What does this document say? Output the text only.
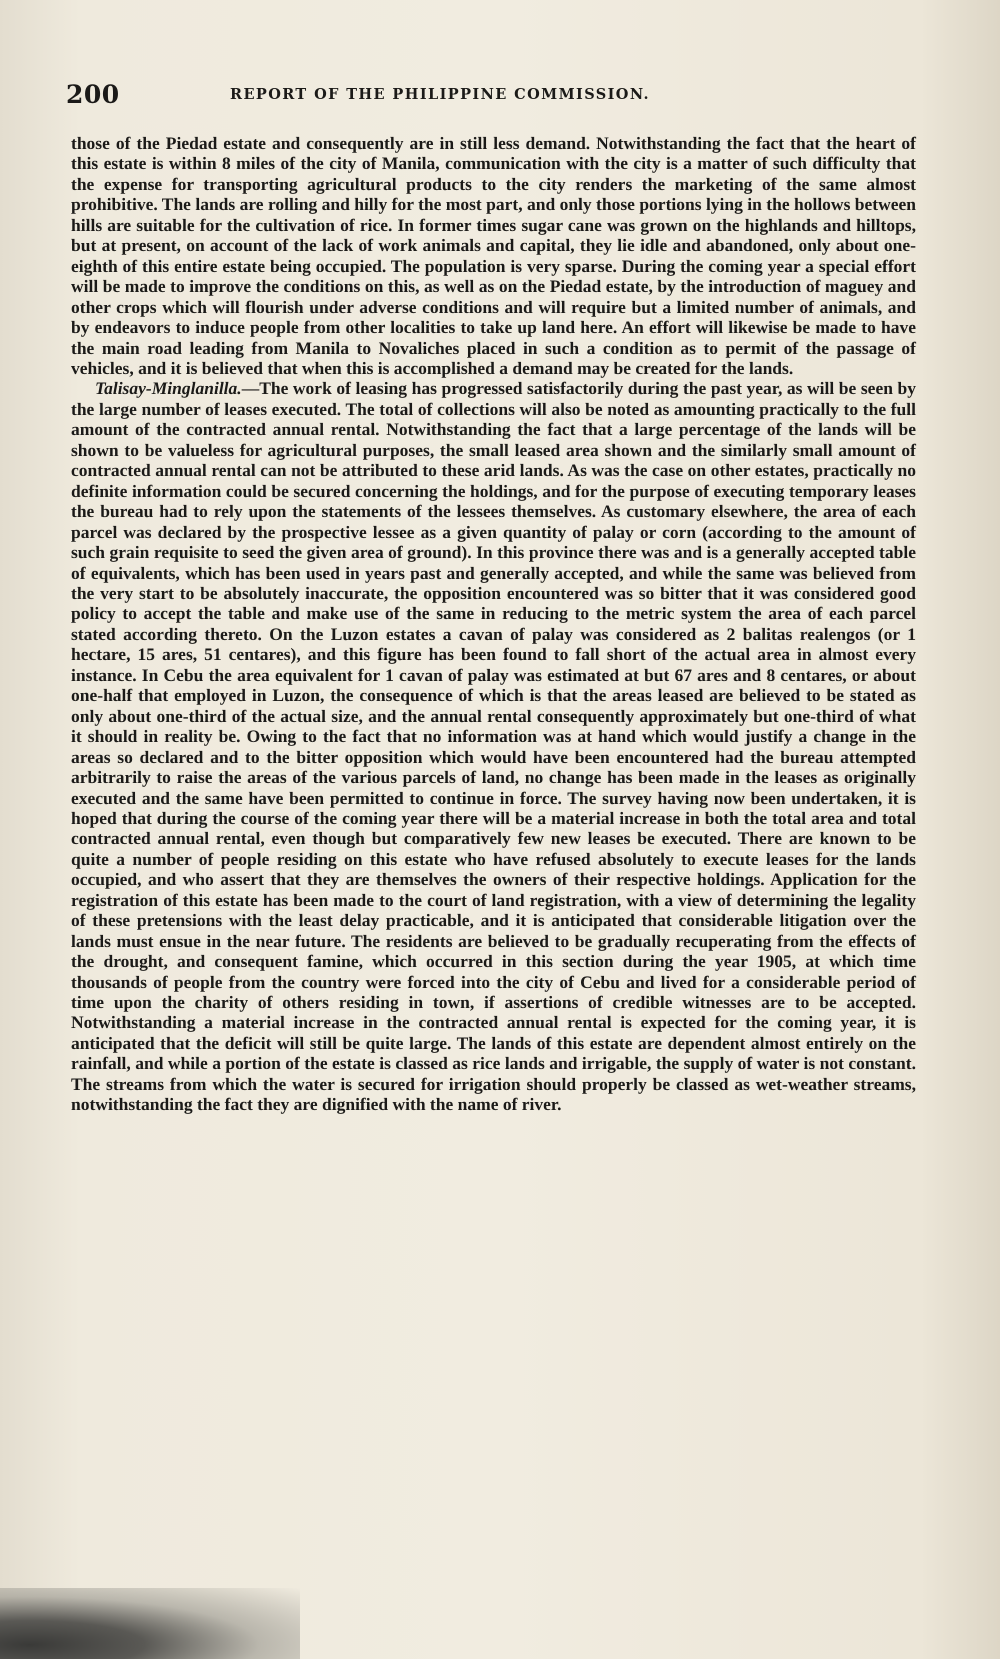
200	REPORT OF THE PHILIPPINE COMMISSION.

those of the Piedad estate and consequently are in still less demand. Notwithstanding the fact that the heart of this estate is within 8 miles of the city of Manila, communication with the city is a matter of such difficulty that the expense for transporting agricultural products to the city renders the marketing of the same almost prohibitive. The lands are rolling and hilly for the most part, and only those portions lying in the hollows between hills are suitable for the cultivation of rice. In former times sugar cane was grown on the highlands and hilltops, but at present, on account of the lack of work animals and capital, they lie idle and abandoned, only about one-eighth of this entire estate being occupied. The population is very sparse. During the coming year a special effort will be made to improve the conditions on this, as well as on the Piedad estate, by the introduction of maguey and other crops which will flourish under adverse conditions and will require but a limited number of animals, and by endeavors to induce people from other localities to take up land here. An effort will likewise be made to have the main road leading from Manila to Novaliches placed in such a condition as to permit of the passage of vehicles, and it is believed that when this is accomplished a demand may be created for the lands.

Talisay-Minglanilla.—The work of leasing has progressed satisfactorily during the past year, as will be seen by the large number of leases executed. The total of collections will also be noted as amounting practically to the full amount of the contracted annual rental. Notwithstanding the fact that a large percentage of the lands will be shown to be valueless for agricultural purposes, the small leased area shown and the similarly small amount of contracted annual rental can not be attributed to these arid lands. As was the case on other estates, practically no definite information could be secured concerning the holdings, and for the purpose of executing temporary leases the bureau had to rely upon the statements of the lessees themselves. As customary elsewhere, the area of each parcel was declared by the prospective lessee as a given quantity of palay or corn (according to the amount of such grain requisite to seed the given area of ground). In this province there was and is a generally accepted table of equivalents, which has been used in years past and generally accepted, and while the same was believed from the very start to be absolutely inaccurate, the opposition encountered was so bitter that it was considered good policy to accept the table and make use of the same in reducing to the metric system the area of each parcel stated according thereto. On the Luzon estates a cavan of palay was considered as 2 balitas realengos (or 1 hectare, 15 ares, 51 centares), and this figure has been found to fall short of the actual area in almost every instance. In Cebu the area equivalent for 1 cavan of palay was estimated at but 67 ares and 8 centares, or about one-half that employed in Luzon, the consequence of which is that the areas leased are believed to be stated as only about one-third of the actual size, and the annual rental consequently approximately but one-third of what it should in reality be. Owing to the fact that no information was at hand which would justify a change in the areas so declared and to the bitter opposition which would have been encountered had the bureau attempted arbitrarily to raise the areas of the various parcels of land, no change has been made in the leases as originally executed and the same have been permitted to continue in force. The survey having now been undertaken, it is hoped that during the course of the coming year there will be a material increase in both the total area and total contracted annual rental, even though but comparatively few new leases be executed. There are known to be quite a number of people residing on this estate who have refused absolutely to execute leases for the lands occupied, and who assert that they are themselves the owners of their respective holdings. Application for the registration of this estate has been made to the court of land registration, with a view of determining the legality of these pretensions with the least delay practicable, and it is anticipated that considerable litigation over the lands must ensue in the near future. The residents are believed to be gradually recuperating from the effects of the drought, and consequent famine, which occurred in this section during the year 1905, at which time thousands of people from the country were forced into the city of Cebu and lived for a considerable period of time upon the charity of others residing in town, if assertions of credible witnesses are to be accepted. Notwithstanding a material increase in the contracted annual rental is expected for the coming year, it is anticipated that the deficit will still be quite large. The lands of this estate are dependent almost entirely on the rainfall, and while a portion of the estate is classed as rice lands and irrigable, the supply of water is not constant. The streams from which the water is secured for irrigation should properly be classed as wet-weather streams, notwithstanding the fact they are dignified with the name of river.
